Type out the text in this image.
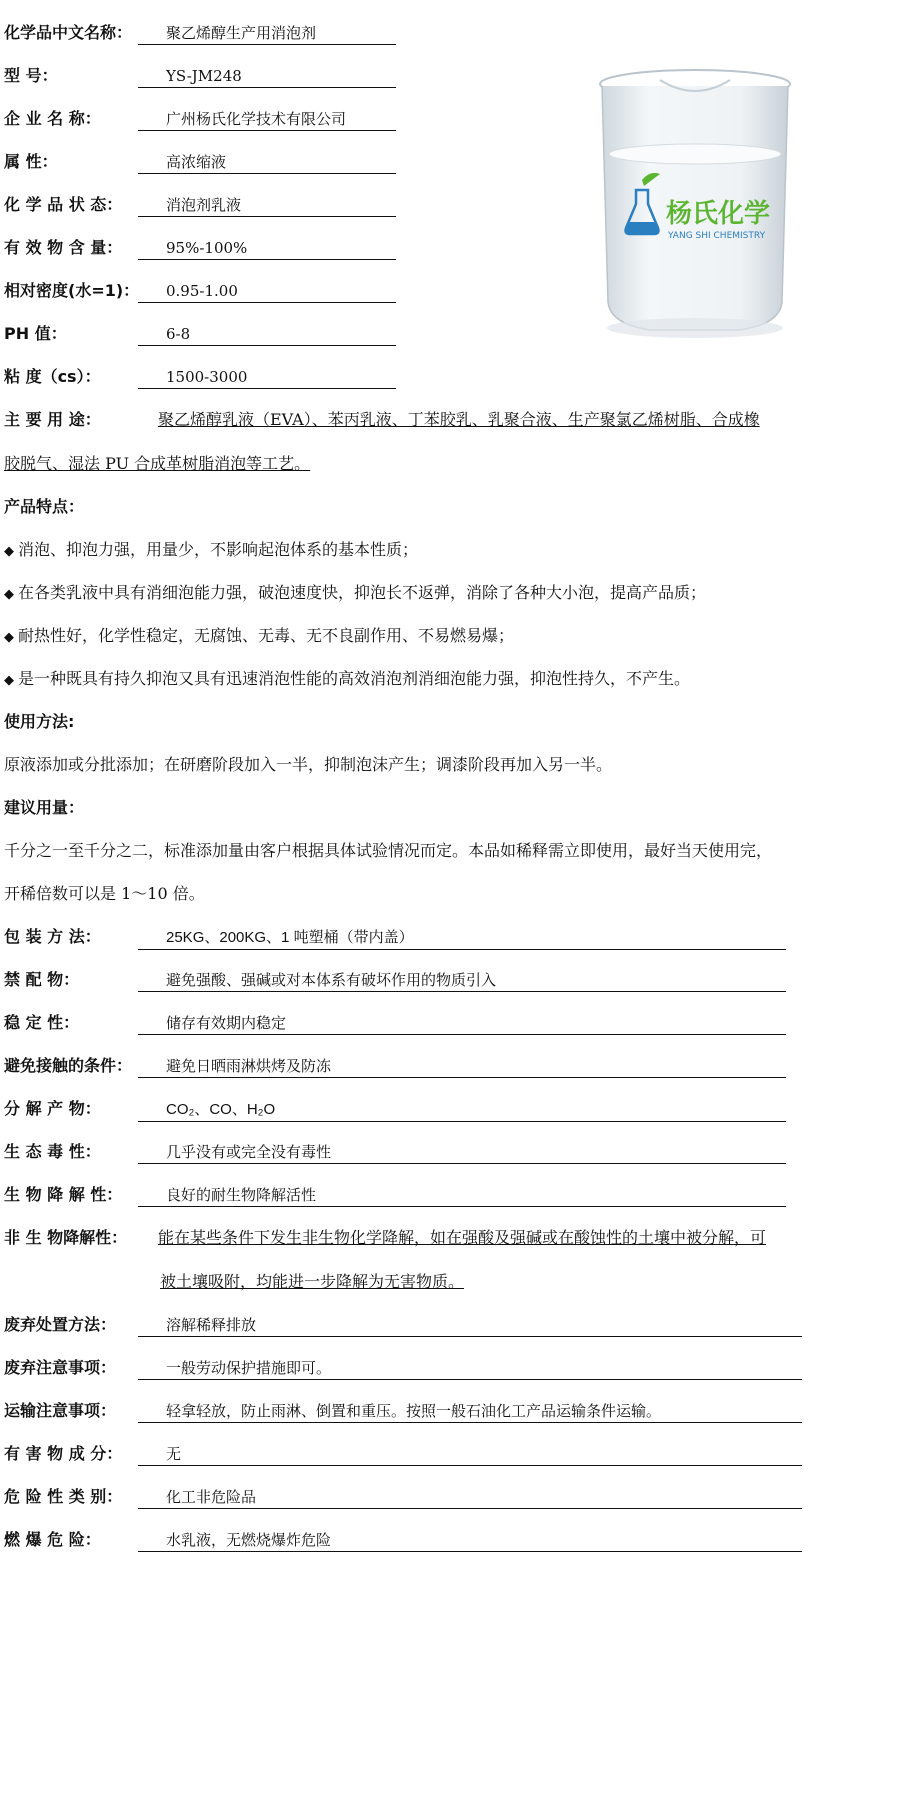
化学品中文名称：	聚乙烯醇生产用消泡剂
型 号：	YS-JM248
企 业 名 称：	广州杨氏化学技术有限公司
属 性：	高浓缩液
化 学 品 状 态：	消泡剂乳液
有 效 物 含 量：	95%-100%
相对密度(水=1)：	0.95-1.00
PH 值：	6-8
粘 度（cs）：	1500-3000
杨氏化学
YANG SHI CHEMISTRY
主 要 用 途：	聚乙烯醇乳液（EVA）、苯丙乳液、丁苯胶乳、乳聚合液、生产聚氯乙烯树脂、合成橡
胶脱气、湿法 PU 合成革树脂消泡等工艺。
产品特点：
◆ 消泡、抑泡力强，用量少，不影响起泡体系的基本性质；
◆ 在各类乳液中具有消细泡能力强，破泡速度快，抑泡长不返弹，消除了各种大小泡，提高产品质；
◆ 耐热性好，化学性稳定，无腐蚀、无毒、无不良副作用、不易燃易爆；
◆ 是一种既具有持久抑泡又具有迅速消泡性能的高效消泡剂消细泡能力强，抑泡性持久，不产生。
使用方法:
原液添加或分批添加；在研磨阶段加入一半，抑制泡沫产生；调漆阶段再加入另一半。
建议用量：
千分之一至千分之二，标准添加量由客户根据具体试验情况而定。本品如稀释需立即使用，最好当天使用完，
开稀倍数可以是 1～10 倍。
包 装 方 法：	25KG、200KG、1 吨塑桶（带内盖）
禁 配 物：	避免强酸、强碱或对本体系有破坏作用的物质引入
稳 定 性：	储存有效期内稳定
避免接触的条件：	避免日晒雨淋烘烤及防冻
分 解 产 物：	CO₂、CO、H₂O
生 态 毒 性：	几乎没有或完全没有毒性
生 物 降 解 性：	良好的耐生物降解活性
非 生 物降解性：	能在某些条件下发生非生物化学降解，如在强酸及强碱或在酸蚀性的土壤中被分解，可
被土壤吸附，均能进一步降解为无害物质。
废弃处置方法：	溶解稀释排放
废弃注意事项：	一般劳动保护措施即可。
运输注意事项：	轻拿轻放，防止雨淋、倒置和重压。按照一般石油化工产品运输条件运输。
有 害 物 成 分：	无
危 险 性 类 别：	化工非危险品
燃 爆 危 险：	水乳液，无燃烧爆炸危险
